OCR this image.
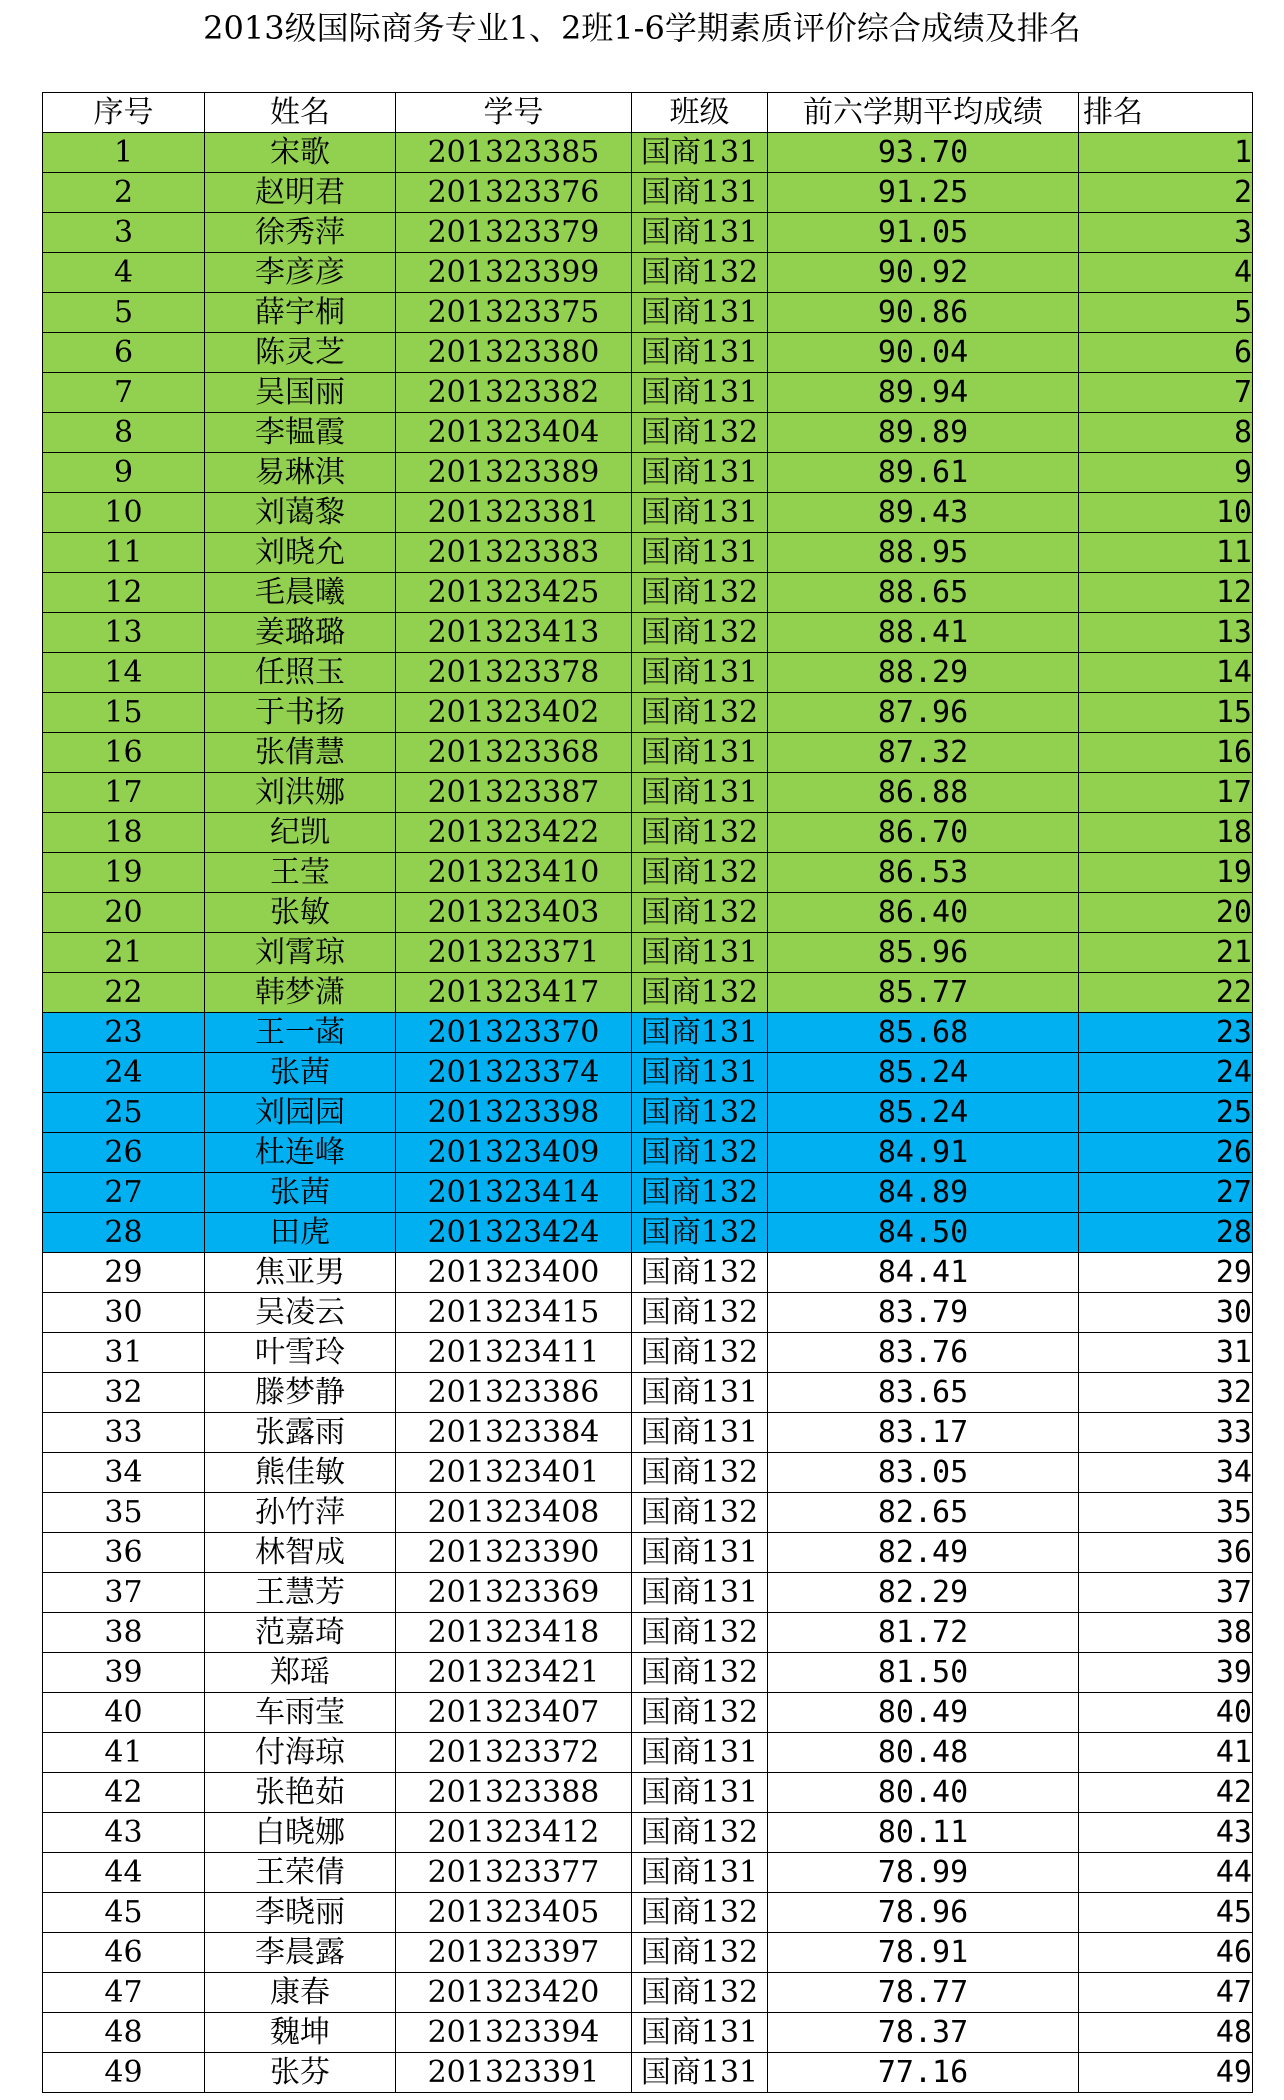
2013级国际商务专业1、2班1-6学期素质评价综合成绩及排名
序号	姓名	学号	班级	前六学期平均成绩	排名
1	宋歌	201323385	国商131	93.70	1
2	赵明君	201323376	国商131	91.25	2
3	徐秀萍	201323379	国商131	91.05	3
4	李彦彦	201323399	国商132	90.92	4
5	薛宇桐	201323375	国商131	90.86	5
6	陈灵芝	201323380	国商131	90.04	6
7	吴国丽	201323382	国商131	89.94	7
8	李韫霞	201323404	国商132	89.89	8
9	易琳淇	201323389	国商131	89.61	9
10	刘蔼黎	201323381	国商131	89.43	10
11	刘晓允	201323383	国商131	88.95	11
12	毛晨曦	201323425	国商132	88.65	12
13	姜璐璐	201323413	国商132	88.41	13
14	任照玉	201323378	国商131	88.29	14
15	于书扬	201323402	国商132	87.96	15
16	张倩慧	201323368	国商131	87.32	16
17	刘洪娜	201323387	国商131	86.88	17
18	纪凯	201323422	国商132	86.70	18
19	王莹	201323410	国商132	86.53	19
20	张敏	201323403	国商132	86.40	20
21	刘霄琼	201323371	国商131	85.96	21
22	韩梦潇	201323417	国商132	85.77	22
23	王一菡	201323370	国商131	85.68	23
24	张茜	201323374	国商131	85.24	24
25	刘园园	201323398	国商132	85.24	25
26	杜连峰	201323409	国商132	84.91	26
27	张茜	201323414	国商132	84.89	27
28	田虎	201323424	国商132	84.50	28
29	焦亚男	201323400	国商132	84.41	29
30	吴凌云	201323415	国商132	83.79	30
31	叶雪玲	201323411	国商132	83.76	31
32	滕梦静	201323386	国商131	83.65	32
33	张露雨	201323384	国商131	83.17	33
34	熊佳敏	201323401	国商132	83.05	34
35	孙竹萍	201323408	国商132	82.65	35
36	林智成	201323390	国商131	82.49	36
37	王慧芳	201323369	国商131	82.29	37
38	范嘉琦	201323418	国商132	81.72	38
39	郑瑶	201323421	国商132	81.50	39
40	车雨莹	201323407	国商132	80.49	40
41	付海琼	201323372	国商131	80.48	41
42	张艳茹	201323388	国商131	80.40	42
43	白晓娜	201323412	国商132	80.11	43
44	王荣倩	201323377	国商131	78.99	44
45	李晓丽	201323405	国商132	78.96	45
46	李晨露	201323397	国商132	78.91	46
47	康春	201323420	国商132	78.77	47
48	魏坤	201323394	国商131	78.37	48
49	张芬	201323391	国商131	77.16	49
